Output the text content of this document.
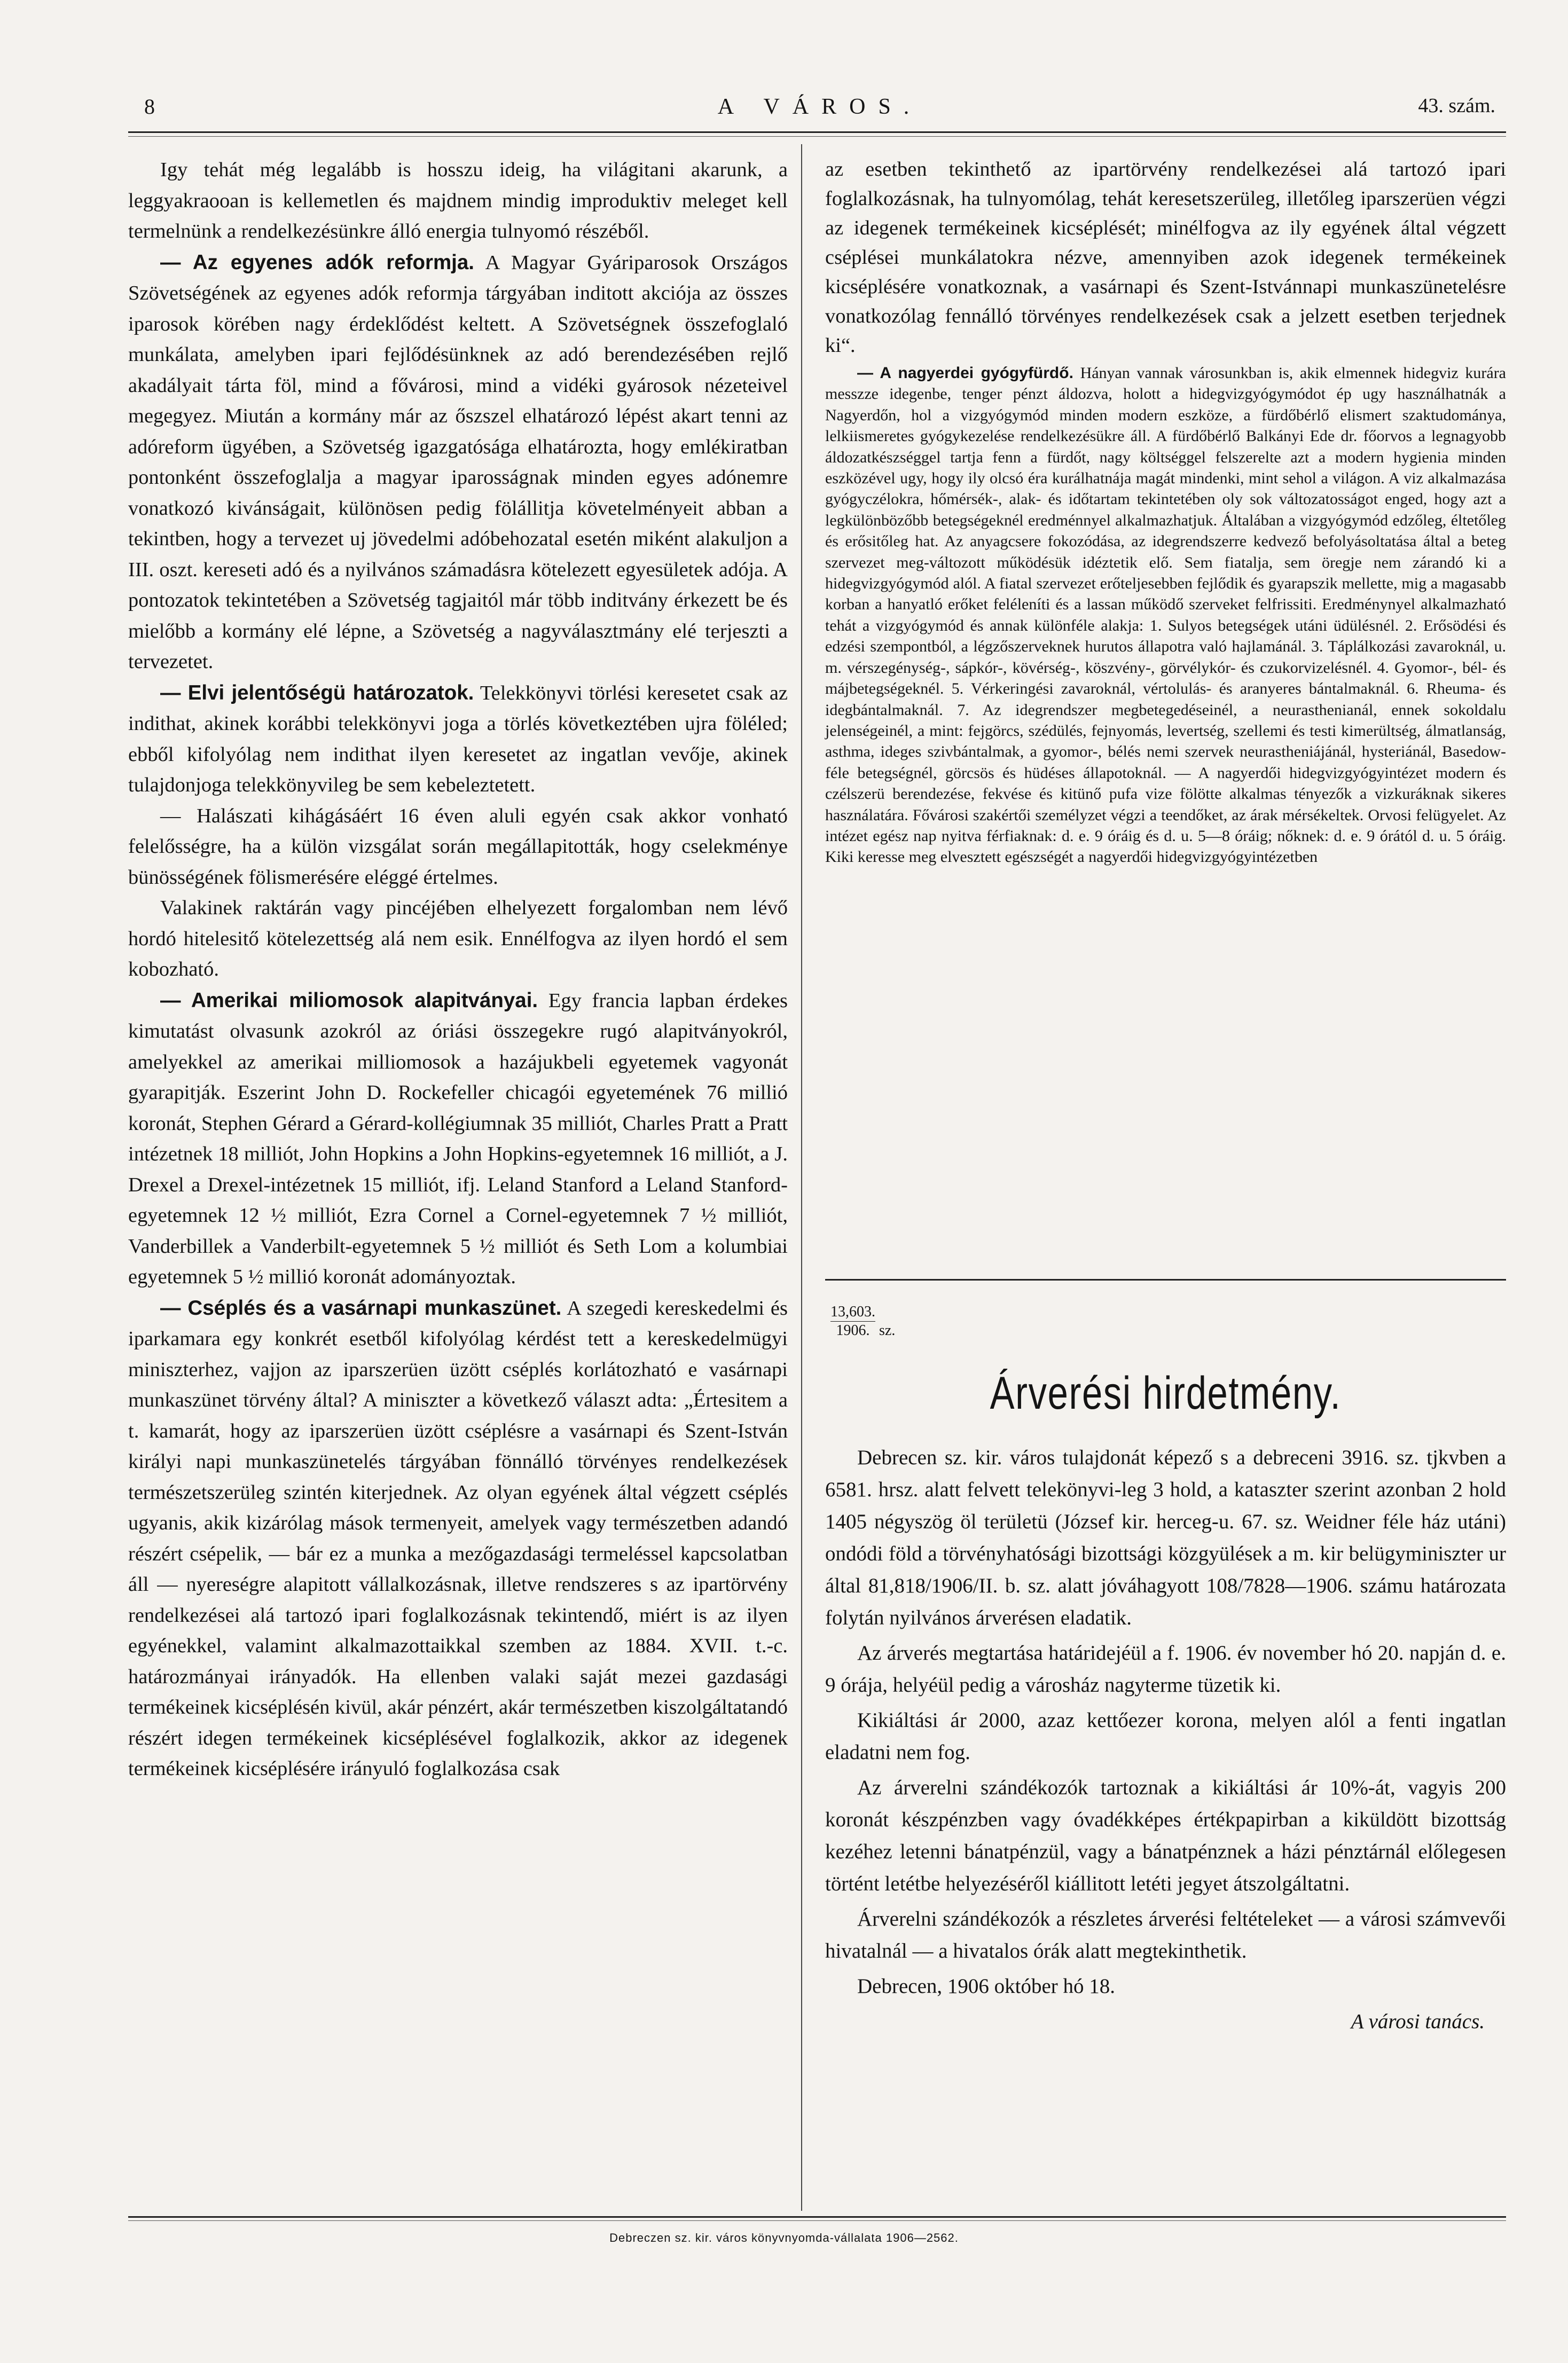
8	A VÁROS.	43. szám.

Igy tehát még legalább is hosszu ideig, ha világitani akarunk, a leggyakraooan is kellemetlen és majdnem mindig improduktiv meleget kell termelnünk a rendelkezésünkre álló energia tulnyomó részéből.

— Az egyenes adók reformja. A Magyar Gyáriparosok Országos Szövetségének az egyenes adók reformja tárgyában inditott akciója az összes iparosok körében nagy érdeklődést keltett. A Szövetségnek összefoglaló munkálata, amelyben ipari fejlődésünknek az adó berendezésében rejlő akadályait tárta föl, mind a fővárosi, mind a vidéki gyárosok nézeteivel megegyez. Miután a kormány már az őszszel elhatározó lépést akart tenni az adóreform ügyében, a Szövetség igazgatósága elhatározta, hogy emlékiratban pontonként összefoglalja a magyar iparosságnak minden egyes adónemre vonatkozó kivánságait, különösen pedig fölállitja követelményeit abban a tekintben, hogy a tervezet uj jövedelmi adóbehozatal esetén miként alakuljon a III. oszt. kereseti adó és a nyilvános számadásra kötelezett egyesületek adója. A pontozatok tekintetében a Szövetség tagjaitól már több inditvány érkezett be és mielőbb a kormány elé lépne, a Szövetség a nagyválasztmány elé terjeszti a tervezetet.

— Elvi jelentőségü határozatok. Telekkönyvi törlési keresetet csak az indithat, akinek korábbi telekkönyvi joga a törlés következtében ujra föléled; ebből kifolyólag nem indithat ilyen keresetet az ingatlan vevője, akinek tulajdonjoga telekkönyvileg be sem kebeleztetett.

— Halászati kihágásáért 16 éven aluli egyén csak akkor vonható felelősségre, ha a külön vizsgálat során megállapitották, hogy cselekménye bünösségének fölismerésére eléggé értelmes.

Valakinek raktárán vagy pincéjében elhelyezett forgalomban nem lévő hordó hitelesitő kötelezettség alá nem esik. Ennélfogva az ilyen hordó el sem kobozható.

— Amerikai miliomosok alapitványai. Egy francia lapban érdekes kimutatást olvasunk azokról az óriási összegekre rugó alapitványokról, amelyekkel az amerikai milliomosok a hazájukbeli egyetemek vagyonát gyarapitják. Eszerint John D. Rockefeller chicagói egyetemének 76 millió koronát, Stephen Gérard a Gérard-kollégiumnak 35 milliót, Charles Pratt a Pratt intézetnek 18 milliót, John Hopkins a John Hopkins-egyetemnek 16 milliót, a J. Drexel a Drexel-intézetnek 15 milliót, ifj. Leland Stanford a Leland Stanford-egyetemnek 12 ½ milliót, Ezra Cornel a Cornel-egyetemnek 7 ½ milliót, Vanderbillek a Vanderbilt-egyetemnek 5 ½ milliót és Seth Lom a kolumbiai egyetemnek 5 ½ millió koronát adományoztak.

— Cséplés és a vasárnapi munkaszünet. A szegedi kereskedelmi és iparkamara egy konkrét esetből kifolyólag kérdést tett a kereskedelmügyi miniszterhez, vajjon az iparszerüen üzött cséplés korlátozható e vasárnapi munkaszünet törvény által? A miniszter a következő választ adta: „Értesitem a t. kamarát, hogy az iparszerüen üzött cséplésre a vasárnapi és Szent-István királyi napi munkaszünetelés tárgyában fönnálló törvényes rendelkezések természetszerüleg szintén kiterjednek. Az olyan egyének által végzett cséplés ugyanis, akik kizárólag mások termenyeit, amelyek vagy természetben adandó részért csépelik, — bár ez a munka a mezőgazdasági termeléssel kapcsolatban áll — nyereségre alapitott vállalkozásnak, illetve rendszeres s az ipartörvény rendelkezései alá tartozó ipari foglalkozásnak tekintendő, miért is az ilyen egyénekkel, valamint alkalmazottaikkal szemben az 1884. XVII. t.-c. határozmányai irányadók. Ha ellenben valaki saját mezei gazdasági termékeinek kicséplésén kivül, akár pénzért, akár természetben kiszolgáltatandó részért idegen termékeinek kicséplésével foglalkozik, akkor az idegenek termékeinek kicséplésére irányuló foglalkozása csak

az esetben tekinthető az ipartörvény rendelkezései alá tartozó ipari foglalkozásnak, ha tulnyomólag, tehát keresetszerüleg, illetőleg iparszerüen végzi az idegenek termékeinek kicséplését; minélfogva az ily egyének által végzett cséplései munkálatokra nézve, amennyiben azok idegenek termékeinek kicséplésére vonatkoznak, a vasárnapi és Szent-Istvánnapi munkaszünetelésre vonatkozólag fennálló törvényes rendelkezések csak a jelzett esetben terjednek ki“.

— A nagyerdei gyógyfürdő. Hányan vannak városunkban is, akik elmennek hidegviz kurára messzze idegenbe, tenger pénzt áldozva, holott a hidegvizgyógymódot ép ugy használhatnák a Nagyerdőn, hol a vizgyógymód minden modern eszköze, a fürdőbérlő elismert szaktudománya, lelkiismeretes gyógykezelése rendelkezésükre áll. A fürdőbérlő Balkányi Ede dr. főorvos a legnagyobb áldozatkészséggel tartja fenn a fürdőt, nagy költséggel felszerelte azt a modern hygienia minden eszközével ugy, hogy ily olcsó éra kurálhatnája magát mindenki, mint sehol a világon. A viz alkalmazása gyógyczélokra, hőmérsék-, alak- és időtartam tekintetében oly sok változatosságot enged, hogy azt a legkülönbözőbb betegségeknél eredménnyel alkalmazhatjuk. Általában a vizgyógymód edzőleg, éltetőleg és erősitőleg hat. Az anyagcsere fokozódása, az idegrendszerre kedvező befolyásoltatása által a beteg szervezet meg-változott működésük idéztetik elő. Sem fiatalja, sem öregje nem zárandó ki a hidegvizgyógymód alól. A fiatal szervezet erőteljesebben fejlődik és gyarapszik mellette, mig a magasabb korban a hanyatló erőket feléleníti és a lassan működő szerveket felfrissiti. Eredménynyel alkalmazható tehát a vizgyógymód és annak különféle alakja: 1. Sulyos betegségek utáni üdülésnél. 2. Erősödési és edzési szempontból, a légzőszerveknek hurutos állapotra való hajlamánál. 3. Táplálkozási zavaroknál, u. m. vérszegénység-, sápkór-, kövérség-, köszvény-, görvélykór- és czukorvizelésnél. 4. Gyomor-, bél- és májbetegségeknél. 5. Vérkeringési zavaroknál, vértolulás- és aranyeres bántalmaknál. 6. Rheuma- és idegbántalmaknál. 7. Az idegrendszer megbetegedéseinél, a neurasthenianál, ennek sokoldalu jelenségeinél, a mint: fejgörcs, szédülés, fejnyomás, levertség, szellemi és testi kimerültség, álmatlanság, asthma, ideges szivbántalmak, a gyomor-, bélés nemi szervek neurastheniájánál, hysteriánál, Basedow-féle betegségnél, görcsös és hüdéses állapotoknál. — A nagyerdői hidegvizgyógyintézet modern és czélszerü berendezése, fekvése és kitünő pufa vize fölötte alkalmas tényezők a vizkuráknak sikeres használatára. Fővárosi szakértői személyzet végzi a teendőket, az árak mérsékeltek. Orvosi felügyelet. Az intézet egész nap nyitva férfiaknak: d. e. 9 óráig és d. u. 5—8 óráig; nőknek: d. e. 9 órától d. u. 5 óráig. Kiki keresse meg elvesztett egészségét a nagyerdői hidegvizgyógyintézetben

$\frac{13,603.}{1906.}$ sz.
Árverési hirdetmény.

Debrecen sz. kir. város tulajdonát képező s a debreceni 3916. sz. tjkvben a 6581. hrsz. alatt felvett telekönyvi-leg 3 hold, a kataszter szerint azonban 2 hold 1405 négyszög öl területü (József kir. herceg-u. 67. sz. Weidner féle ház utáni) ondódi föld a törvényhatósági bizottsági közgyülések a m. kir belügyminiszter ur által 81,818/1906/II. b. sz. alatt jóváhagyott 108/7828—1906. számu határozata folytán nyilvános árverésen eladatik.

Az árverés megtartása határidejéül a f. 1906. év november hó 20. napján d. e. 9 órája, helyéül pedig a városház nagyterme tüzetik ki.

Kikiáltási ár 2000, azaz kettőezer korona, melyen alól a fenti ingatlan eladatni nem fog.

Az árverelni szándékozók tartoznak a kikiáltási ár 10%-át, vagyis 200 koronát készpénzben vagy óvadékképes értékpapirban a kiküldött bizottság kezéhez letenni bánatpénzül, vagy a bánatpénznek a házi pénztárnál előlegesen történt letétbe helyezéséről kiállitott letéti jegyet átszolgáltatni.

Árverelni szándékozók a részletes árverési feltételeket — a városi számvevői hivatalnál — a hivatalos órák alatt megtekinthetik.

Debrecen, 1906 október hó 18.

A városi tanács.

Debreczen sz. kir. város könyvnyomda-vállalata 1906—2562.
